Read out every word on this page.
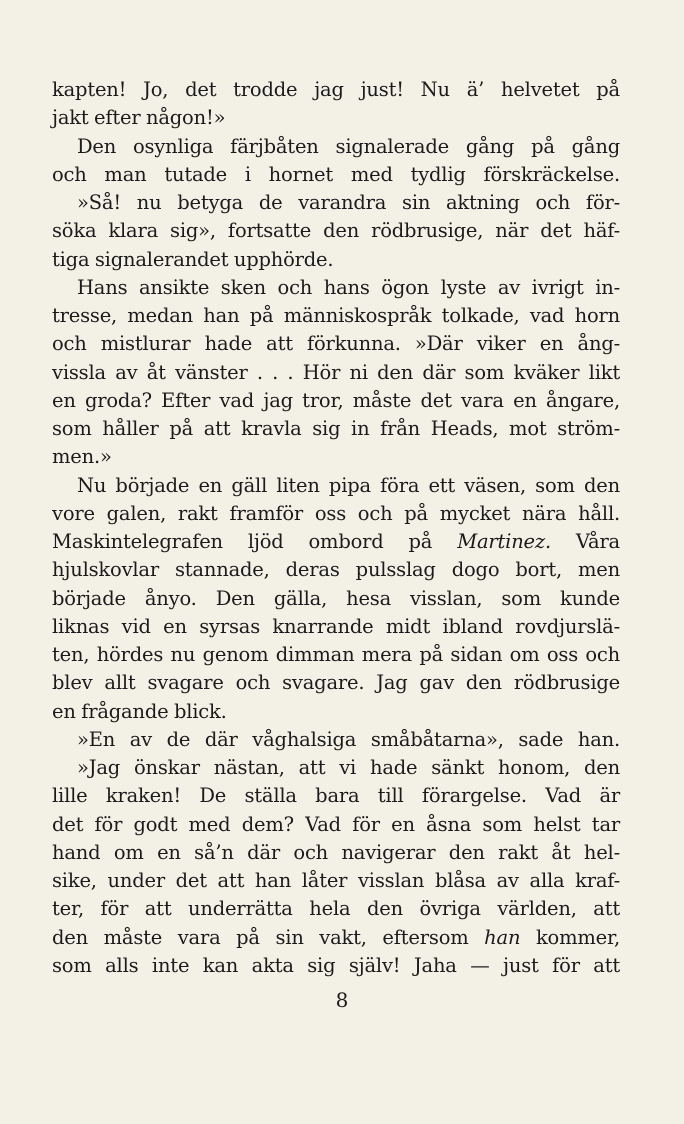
kapten! Jo, det trodde jag just! Nu ä’ helvetet på
jakt efter någon!»
Den osynliga färjbåten signalerade gång på gång
och man tutade i hornet med tydlig förskräckelse.
»Så! nu betyga de varandra sin aktning och för-
söka klara sig», fortsatte den rödbrusige, när det häf-
tiga signalerandet upphörde.
Hans ansikte sken och hans ögon lyste av ivrigt in-
tresse, medan han på människospråk tolkade, vad horn
och mistlurar hade att förkunna. »Där viker en ång-
vissla av åt vänster . . . Hör ni den där som kväker likt
en groda? Efter vad jag tror, måste det vara en ångare,
som håller på att kravla sig in från Heads, mot ström-
men.»
Nu började en gäll liten pipa föra ett väsen, som den
vore galen, rakt framför oss och på mycket nära håll.
Maskintelegrafen ljöd ombord på Martinez. Våra
hjulskovlar stannade, deras pulsslag dogo bort, men
började ånyo. Den gälla, hesa visslan, som kunde
liknas vid en syrsas knarrande midt ibland rovdjurslä-
ten, hördes nu genom dimman mera på sidan om oss och
blev allt svagare och svagare. Jag gav den rödbrusige
en frågande blick.
»En av de där våghalsiga småbåtarna», sade han.
»Jag önskar nästan, att vi hade sänkt honom, den
lille kraken! De ställa bara till förargelse. Vad är
det för godt med dem? Vad för en åsna som helst tar
hand om en så’n där och navigerar den rakt åt hel-
sike, under det att han låter visslan blåsa av alla kraf-
ter, för att underrätta hela den övriga världen, att
den måste vara på sin vakt, eftersom han kommer,
som alls inte kan akta sig själv! Jaha — just för att
8
